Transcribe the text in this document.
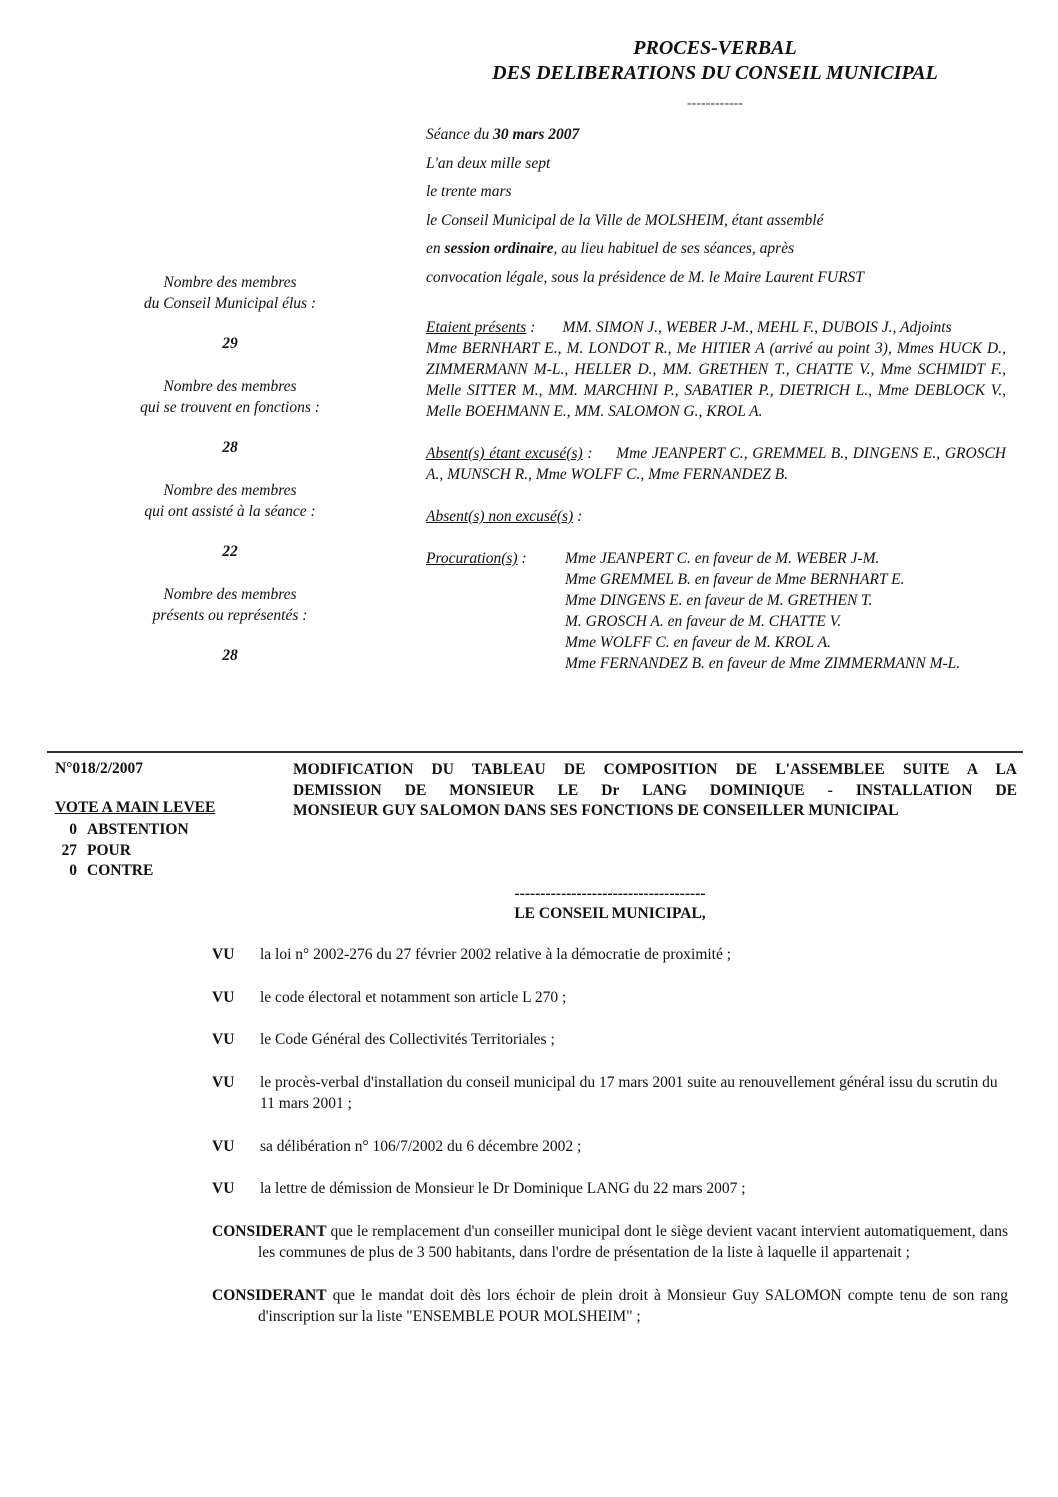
PROCES-VERBAL
DES DELIBERATIONS DU CONSEIL MUNICIPAL
------------
Séance du 30 mars 2007
L'an deux mille sept
le trente mars
le Conseil Municipal de la Ville de MOLSHEIM, étant assemblé
en session ordinaire, au lieu habituel de ses séances, après
convocation légale, sous la présidence de M. le Maire Laurent FURST
Nombre des membres
du Conseil Municipal élus :
29
Nombre des membres
qui se trouvent en fonctions :
28
Nombre des membres
qui ont assisté à la séance :
22
Nombre des membres
présents ou représentés :
28
Etaient présents : MM. SIMON J., WEBER J-M., MEHL F., DUBOIS J., Adjoints
Mme BERNHART E., M. LONDOT R., Me HITIER A (arrivé au point 3), Mmes HUCK D., ZIMMERMANN M-L., HELLER D., MM. GRETHEN T., CHATTE V., Mme SCHMIDT F., Melle SITTER M., MM. MARCHINI P., SABATIER P., DIETRICH L., Mme DEBLOCK V., Melle BOEHMANN E., MM. SALOMON G., KROL A.
Absent(s) étant excusé(s) : Mme JEANPERT C., GREMMEL B., DINGENS E., GROSCH A., MUNSCH R., Mme WOLFF C., Mme FERNANDEZ B.
Absent(s) non excusé(s) :
Procuration(s) :	Mme JEANPERT C. en faveur de M. WEBER J-M.
Mme GREMMEL B. en faveur de Mme BERNHART E.
Mme DINGENS E. en faveur de M. GRETHEN T.
M. GROSCH A. en faveur de M. CHATTE V.
Mme WOLFF C. en faveur de M. KROL A.
Mme FERNANDEZ B. en faveur de Mme ZIMMERMANN M-L.
N°018/2/2007
VOTE A MAIN LEVEE
0 ABSTENTION
27 POUR
0 CONTRE
MODIFICATION DU TABLEAU DE COMPOSITION DE L'ASSEMBLEE SUITE A LA
DEMISSION DE MONSIEUR LE Dr LANG DOMINIQUE - INSTALLATION DE
MONSIEUR GUY SALOMON DANS SES FONCTIONS DE CONSEILLER MUNICIPAL
-------------------------------------
LE CONSEIL MUNICIPAL,
VU	la loi n° 2002-276 du 27 février 2002 relative à la démocratie de proximité ;
VU	le code électoral et notamment son article L 270 ;
VU	le Code Général des Collectivités Territoriales ;
VU	le procès-verbal d'installation du conseil municipal du 17 mars 2001 suite au renouvellement général issu du scrutin du 11 mars 2001 ;
VU	sa délibération n° 106/7/2002 du 6 décembre 2002 ;
VU	la lettre de démission de Monsieur le Dr Dominique LANG du 22 mars 2007 ;
CONSIDERANT que le remplacement d'un conseiller municipal dont le siège devient vacant intervient automatiquement, dans les communes de plus de 3 500 habitants, dans l'ordre de présentation de la liste à laquelle il appartenait ;
CONSIDERANT que le mandat doit dès lors échoir de plein droit à Monsieur Guy SALOMON compte tenu de son rang d'inscription sur la liste "ENSEMBLE POUR MOLSHEIM" ;
